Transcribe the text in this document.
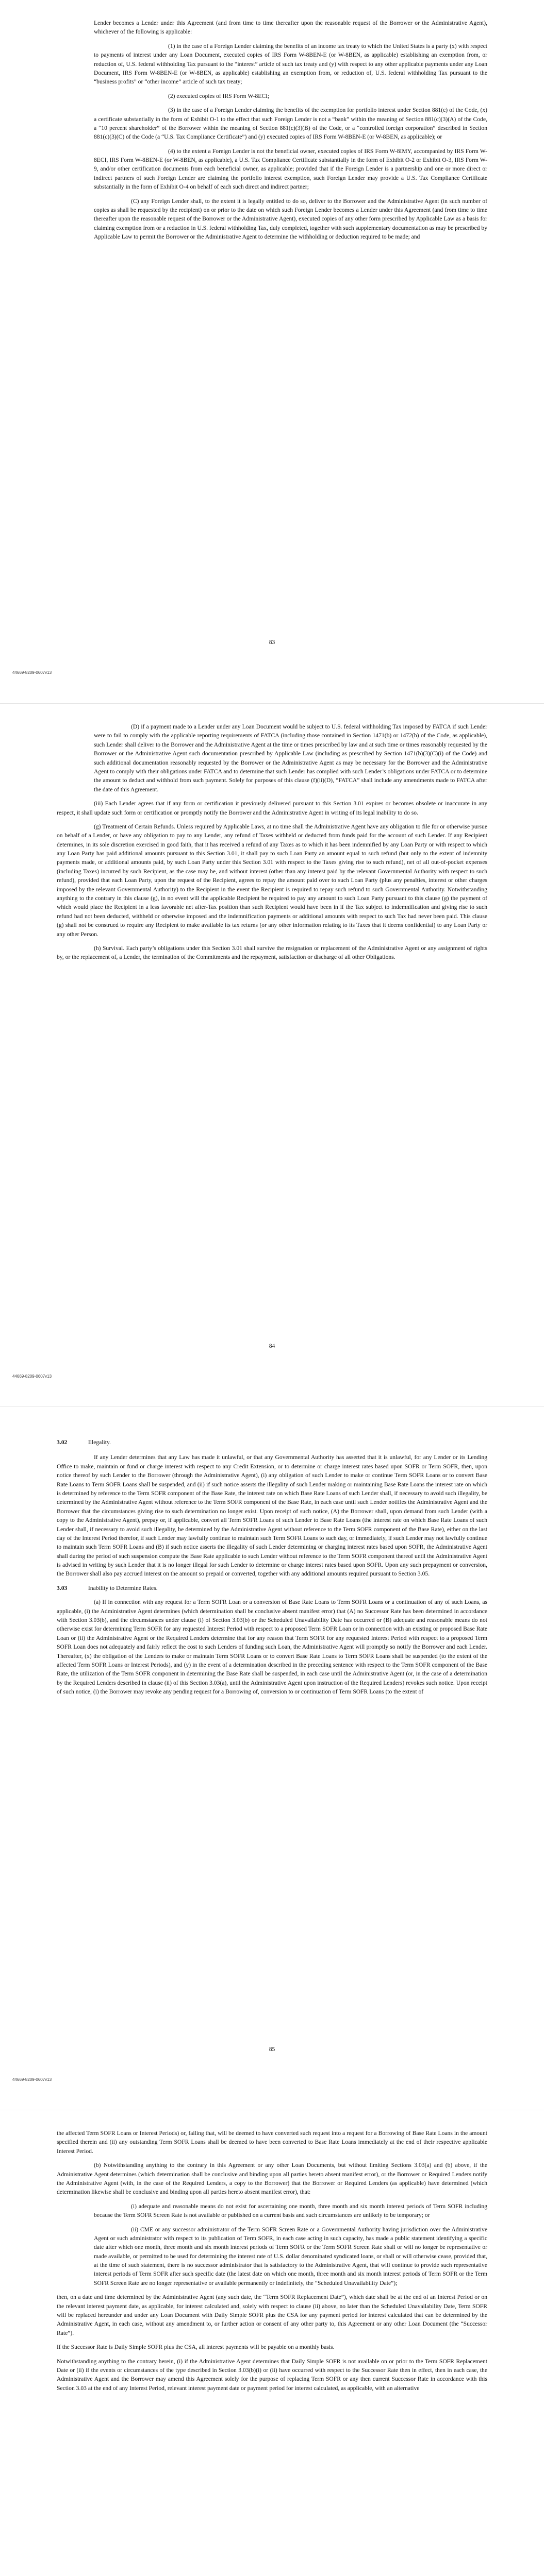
Lender becomes a Lender under this Agreement (and from time to time thereafter upon the reasonable request of the Borrower or the Administrative Agent), whichever of the following is applicable:

(1) in the case of a Foreign Lender claiming the benefits of an income tax treaty to which the United States is a party (x) with respect to payments of interest under any Loan Document, executed copies of IRS Form W-8BEN-E (or W-8BEN, as applicable) establishing an exemption from, or reduction of, U.S. federal withholding Tax pursuant to the “interest” article of such tax treaty and (y) with respect to any other applicable payments under any Loan Document, IRS Form W-8BEN-E (or W-8BEN, as applicable) establishing an exemption from, or reduction of, U.S. federal withholding Tax pursuant to the “business profits” or “other income” article of such tax treaty;

(2) executed copies of IRS Form W-8ECI;

(3) in the case of a Foreign Lender claiming the benefits of the exemption for portfolio interest under Section 881(c) of the Code, (x) a certificate substantially in the form of Exhibit O-1 to the effect that such Foreign Lender is not a “bank” within the meaning of Section 881(c)(3)(A) of the Code, a “10 percent shareholder” of the Borrower within the meaning of Section 881(c)(3)(B) of the Code, or a “controlled foreign corporation” described in Section 881(c)(3)(C) of the Code (a “U.S. Tax Compliance Certificate”) and (y) executed copies of IRS Form W-8BEN-E (or W-8BEN, as applicable); or

(4) to the extent a Foreign Lender is not the beneficial owner, executed copies of IRS Form W-8IMY, accompanied by IRS Form W-8ECI, IRS Form W-8BEN-E (or W-8BEN, as applicable), a U.S. Tax Compliance Certificate substantially in the form of Exhibit O-2 or Exhibit O-3, IRS Form W-9, and/or other certification documents from each beneficial owner, as applicable; provided that if the Foreign Lender is a partnership and one or more direct or indirect partners of such Foreign Lender are claiming the portfolio interest exemption, such Foreign Lender may provide a U.S. Tax Compliance Certificate substantially in the form of Exhibit O-4 on behalf of each such direct and indirect partner;

(C) any Foreign Lender shall, to the extent it is legally entitled to do so, deliver to the Borrower and the Administrative Agent (in such number of copies as shall be requested by the recipient) on or prior to the date on which such Foreign Lender becomes a Lender under this Agreement (and from time to time thereafter upon the reasonable request of the Borrower or the Administrative Agent), executed copies of any other form prescribed by Applicable Law as a basis for claiming exemption from or a reduction in U.S. federal withholding Tax, duly completed, together with such supplementary documentation as may be prescribed by Applicable Law to permit the Borrower or the Administrative Agent to determine the withholding or deduction required to be made; and

83
44669-8209-0607v13

(D) if a payment made to a Lender under any Loan Document would be subject to U.S. federal withholding Tax imposed by FATCA if such Lender were to fail to comply with the applicable reporting requirements of FATCA (including those contained in Section 1471(b) or 1472(b) of the Code, as applicable), such Lender shall deliver to the Borrower and the Administrative Agent at the time or times prescribed by law and at such time or times reasonably requested by the Borrower or the Administrative Agent such documentation prescribed by Applicable Law (including as prescribed by Section 1471(b)(3)(C)(i) of the Code) and such additional documentation reasonably requested by the Borrower or the Administrative Agent as may be necessary for the Borrower and the Administrative Agent to comply with their obligations under FATCA and to determine that such Lender has complied with such Lender’s obligations under FATCA or to determine the amount to deduct and withhold from such payment. Solely for purposes of this clause (f)(ii)(D), “FATCA” shall include any amendments made to FATCA after the date of this Agreement.

(iii) Each Lender agrees that if any form or certification it previously delivered pursuant to this Section 3.01 expires or becomes obsolete or inaccurate in any respect, it shall update such form or certification or promptly notify the Borrower and the Administrative Agent in writing of its legal inability to do so.

(g) Treatment of Certain Refunds. Unless required by Applicable Laws, at no time shall the Administrative Agent have any obligation to file for or otherwise pursue on behalf of a Lender, or have any obligation to pay to any Lender, any refund of Taxes withheld or deducted from funds paid for the account of such Lender. If any Recipient determines, in its sole discretion exercised in good faith, that it has received a refund of any Taxes as to which it has been indemnified by any Loan Party or with respect to which any Loan Party has paid additional amounts pursuant to this Section 3.01, it shall pay to such Loan Party an amount equal to such refund (but only to the extent of indemnity payments made, or additional amounts paid, by such Loan Party under this Section 3.01 with respect to the Taxes giving rise to such refund), net of all out-of-pocket expenses (including Taxes) incurred by such Recipient, as the case may be, and without interest (other than any interest paid by the relevant Governmental Authority with respect to such refund), provided that each Loan Party, upon the request of the Recipient, agrees to repay the amount paid over to such Loan Party (plus any penalties, interest or other charges imposed by the relevant Governmental Authority) to the Recipient in the event the Recipient is required to repay such refund to such Governmental Authority. Notwithstanding anything to the contrary in this clause (g), in no event will the applicable Recipient be required to pay any amount to such Loan Party pursuant to this clause (g) the payment of which would place the Recipient in a less favorable net after-Tax position than such Recipient would have been in if the Tax subject to indemnification and giving rise to such refund had not been deducted, withheld or otherwise imposed and the indemnification payments or additional amounts with respect to such Tax had never been paid. This clause (g) shall not be construed to require any Recipient to make available its tax returns (or any other information relating to its Taxes that it deems confidential) to any Loan Party or any other Person.

(h) Survival. Each party’s obligations under this Section 3.01 shall survive the resignation or replacement of the Administrative Agent or any assignment of rights by, or the replacement of, a Lender, the termination of the Commitments and the repayment, satisfaction or discharge of all other Obligations.

84
44669-8209-0607v13
3.02	Illegality.

If any Lender determines that any Law has made it unlawful, or that any Governmental Authority has asserted that it is unlawful, for any Lender or its Lending Office to make, maintain or fund or charge interest with respect to any Credit Extension, or to determine or charge interest rates based upon SOFR or Term SOFR, then, upon notice thereof by such Lender to the Borrower (through the Administrative Agent), (i) any obligation of such Lender to make or continue Term SOFR Loans or to convert Base Rate Loans to Term SOFR Loans shall be suspended, and (ii) if such notice asserts the illegality of such Lender making or maintaining Base Rate Loans the interest rate on which is determined by reference to the Term SOFR component of the Base Rate, the interest rate on which Base Rate Loans of such Lender shall, if necessary to avoid such illegality, be determined by the Administrative Agent without reference to the Term SOFR component of the Base Rate, in each case until such Lender notifies the Administrative Agent and the Borrower that the circumstances giving rise to such determination no longer exist. Upon receipt of such notice, (A) the Borrower shall, upon demand from such Lender (with a copy to the Administrative Agent), prepay or, if applicable, convert all Term SOFR Loans of such Lender to Base Rate Loans (the interest rate on which Base Rate Loans of such Lender shall, if necessary to avoid such illegality, be determined by the Administrative Agent without reference to the Term SOFR component of the Base Rate), either on the last day of the Interest Period therefor, if such Lender may lawfully continue to maintain such Term SOFR Loans to such day, or immediately, if such Lender may not lawfully continue to maintain such Term SOFR Loans and (B) if such notice asserts the illegality of such Lender determining or charging interest rates based upon SOFR, the Administrative Agent shall during the period of such suspension compute the Base Rate applicable to such Lender without reference to the Term SOFR component thereof until the Administrative Agent is advised in writing by such Lender that it is no longer illegal for such Lender to determine or charge interest rates based upon SOFR. Upon any such prepayment or conversion, the Borrower shall also pay accrued interest on the amount so prepaid or converted, together with any additional amounts required pursuant to Section 3.05.

3.03	Inability to Determine Rates.

(a) If in connection with any request for a Term SOFR Loan or a conversion of Base Rate Loans to Term SOFR Loans or a continuation of any of such Loans, as applicable, (i) the Administrative Agent determines (which determination shall be conclusive absent manifest error) that (A) no Successor Rate has been determined in accordance with Section 3.03(b), and the circumstances under clause (i) of Section 3.03(b) or the Scheduled Unavailability Date has occurred or (B) adequate and reasonable means do not otherwise exist for determining Term SOFR for any requested Interest Period with respect to a proposed Term SOFR Loan or in connection with an existing or proposed Base Rate Loan or (ii) the Administrative Agent or the Required Lenders determine that for any reason that Term SOFR for any requested Interest Period with respect to a proposed Term SOFR Loan does not adequately and fairly reflect the cost to such Lenders of funding such Loan, the Administrative Agent will promptly so notify the Borrower and each Lender. Thereafter, (x) the obligation of the Lenders to make or maintain Term SOFR Loans or to convert Base Rate Loans to Term SOFR Loans shall be suspended (to the extent of the affected Term SOFR Loans or Interest Periods), and (y) in the event of a determination described in the preceding sentence with respect to the Term SOFR component of the Base Rate, the utilization of the Term SOFR component in determining the Base Rate shall be suspended, in each case until the Administrative Agent (or, in the case of a determination by the Required Lenders described in clause (ii) of this Section 3.03(a), until the Administrative Agent upon instruction of the Required Lenders) revokes such notice. Upon receipt of such notice, (i) the Borrower may revoke any pending request for a Borrowing of, conversion to or continuation of Term SOFR Loans (to the extent of

85
44669-8209-0607v13

the affected Term SOFR Loans or Interest Periods) or, failing that, will be deemed to have converted such request into a request for a Borrowing of Base Rate Loans in the amount specified therein and (ii) any outstanding Term SOFR Loans shall be deemed to have been converted to Base Rate Loans immediately at the end of their respective applicable Interest Period.

(b) Notwithstanding anything to the contrary in this Agreement or any other Loan Documents, but without limiting Sections 3.03(a) and (b) above, if the Administrative Agent determines (which determination shall be conclusive and binding upon all parties hereto absent manifest error), or the Borrower or Required Lenders notify the Administrative Agent (with, in the case of the Required Lenders, a copy to the Borrower) that the Borrower or Required Lenders (as applicable) have determined (which determination likewise shall be conclusive and binding upon all parties hereto absent manifest error), that:

(i) adequate and reasonable means do not exist for ascertaining one month, three month and six month interest periods of Term SOFR including because the Term SOFR Screen Rate is not available or published on a current basis and such circumstances are unlikely to be temporary; or

(ii) CME or any successor administrator of the Term SOFR Screen Rate or a Governmental Authority having jurisdiction over the Administrative Agent or such administrator with respect to its publication of Term SOFR, in each case acting in such capacity, has made a public statement identifying a specific date after which one month, three month and six month interest periods of Term SOFR or the Term SOFR Screen Rate shall or will no longer be representative or made available, or permitted to be used for determining the interest rate of U.S. dollar denominated syndicated loans, or shall or will otherwise cease, provided that, at the time of such statement, there is no successor administrator that is satisfactory to the Administrative Agent, that will continue to provide such representative interest periods of Term SOFR after such specific date (the latest date on which one month, three month and six month interest periods of Term SOFR or the Term SOFR Screen Rate are no longer representative or available permanently or indefinitely, the “Scheduled Unavailability Date”);

then, on a date and time determined by the Administrative Agent (any such date, the “Term SOFR Replacement Date”), which date shall be at the end of an Interest Period or on the relevant interest payment date, as applicable, for interest calculated and, solely with respect to clause (ii) above, no later than the Scheduled Unavailability Date, Term SOFR will be replaced hereunder and under any Loan Document with Daily Simple SOFR plus the CSA for any payment period for interest calculated that can be determined by the Administrative Agent, in each case, without any amendment to, or further action or consent of any other party to, this Agreement or any other Loan Document (the “Successor Rate”).

If the Successor Rate is Daily Simple SOFR plus the CSA, all interest payments will be payable on a monthly basis.

Notwithstanding anything to the contrary herein, (i) if the Administrative Agent determines that Daily Simple SOFR is not available on or prior to the Term SOFR Replacement Date or (ii) if the events or circumstances of the type described in Section 3.03(b)(i) or (ii) have occurred with respect to the Successor Rate then in effect, then in each case, the Administrative Agent and the Borrower may amend this Agreement solely for the purpose of replacing Term SOFR or any then current Successor Rate in accordance with this Section 3.03 at the end of any Interest Period, relevant interest payment date or payment period for interest calculated, as applicable, with an alternative
